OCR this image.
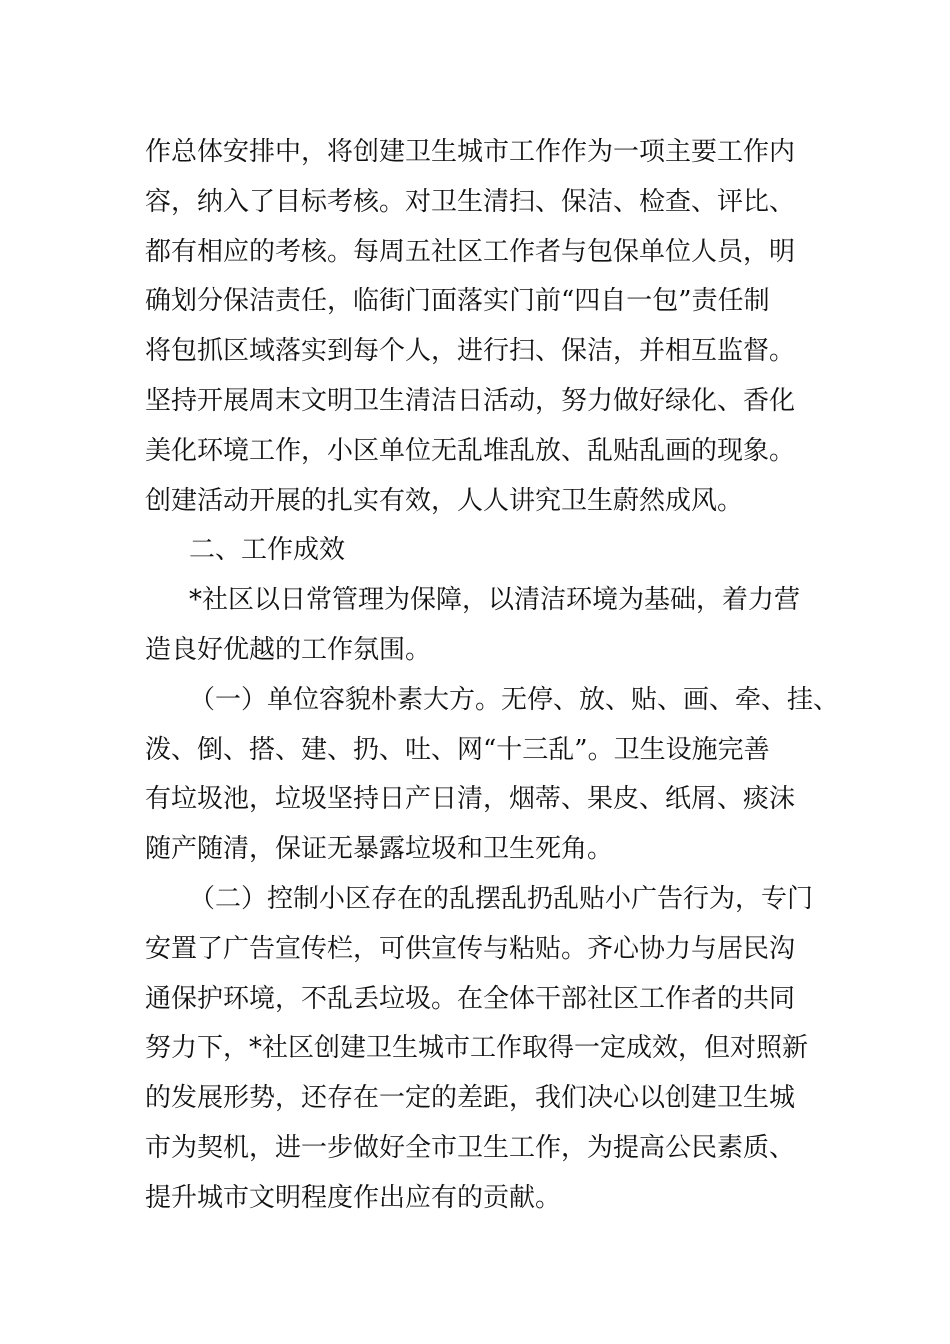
作总体安排中，将创建卫生城市工作作为一项主要工作内
容，纳入了目标考核。对卫生清扫、保洁、检查、评比、
都有相应的考核。每周五社区工作者与包保单位人员，明
确划分保洁责任，临街门面落实门前“四自一包”责任制
将包抓区域落实到每个人，进行扫、保洁，并相互监督。
坚持开展周末文明卫生清洁日活动，努力做好绿化、香化
美化环境工作，小区单位无乱堆乱放、乱贴乱画的现象。
创建活动开展的扎实有效，人人讲究卫生蔚然成风。
二、工作成效
*社区以日常管理为保障，以清洁环境为基础，着力营
造良好优越的工作氛围。
（一）单位容貌朴素大方。无停、放、贴、画、牵、挂、
泼、倒、搭、建、扔、吐、网“十三乱”。卫生设施完善
有垃圾池，垃圾坚持日产日清，烟蒂、果皮、纸屑、痰沫
随产随清，保证无暴露垃圾和卫生死角。
（二）控制小区存在的乱摆乱扔乱贴小广告行为，专门
安置了广告宣传栏，可供宣传与粘贴。齐心协力与居民沟
通保护环境，不乱丢垃圾。在全体干部社区工作者的共同
努力下，*社区创建卫生城市工作取得一定成效，但对照新
的发展形势，还存在一定的差距，我们决心以创建卫生城
市为契机，进一步做好全市卫生工作，为提高公民素质、
提升城市文明程度作出应有的贡献。
